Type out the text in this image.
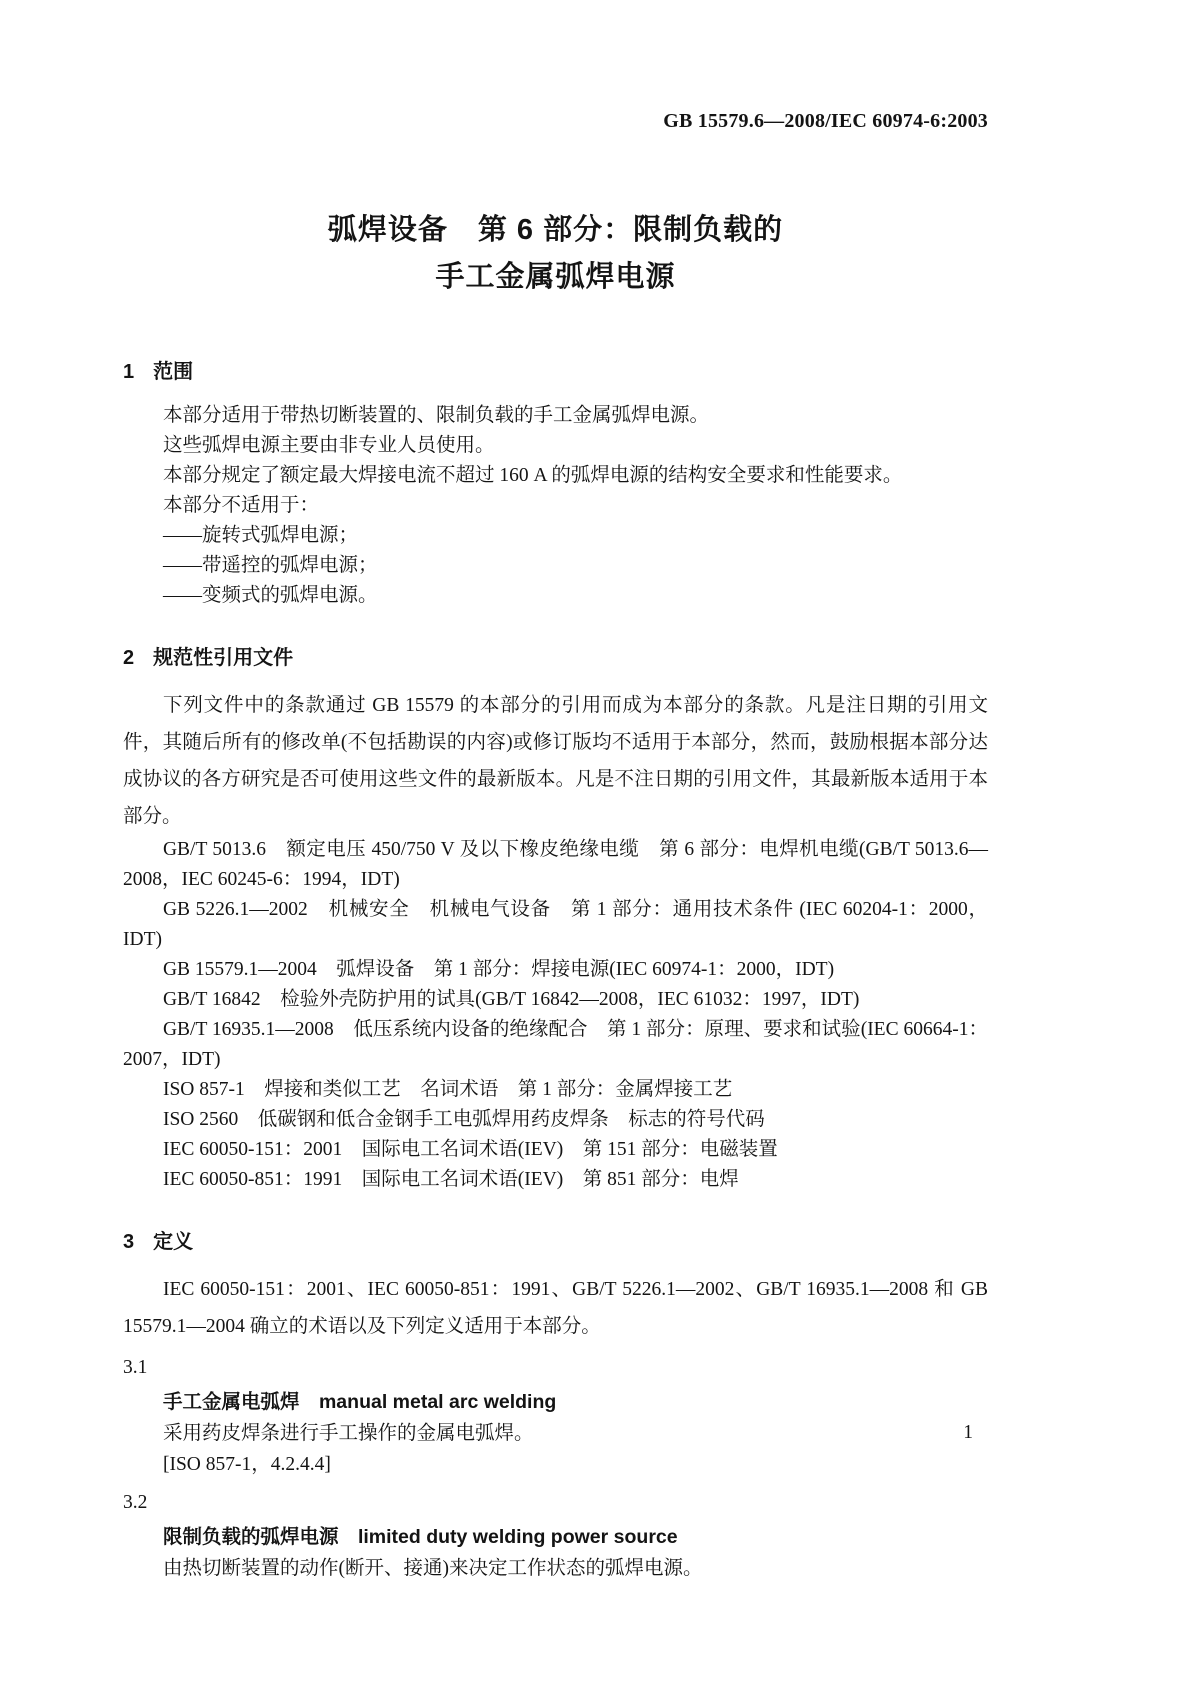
GB 15579.6—2008/IEC 60974-6:2003
弧焊设备　第 6 部分：限制负载的
手工金属弧焊电源
1 范围

本部分适用于带热切断装置的、限制负载的手工金属弧焊电源。

这些弧焊电源主要由非专业人员使用。

本部分规定了额定最大焊接电流不超过 160 A 的弧焊电源的结构安全要求和性能要求。

本部分不适用于：

——旋转式弧焊电源；

——带遥控的弧焊电源；

——变频式的弧焊电源。

2 规范性引用文件

下列文件中的条款通过 GB 15579 的本部分的引用而成为本部分的条款。凡是注日期的引用文件，其随后所有的修改单(不包括勘误的内容)或修订版均不适用于本部分，然而，鼓励根据本部分达成协议的各方研究是否可使用这些文件的最新版本。凡是不注日期的引用文件，其最新版本适用于本部分。

GB/T 5013.6　额定电压 450/750 V 及以下橡皮绝缘电缆　第 6 部分：电焊机电缆(GB/T 5013.6—2008，IEC 60245-6：1994，IDT)

GB 5226.1—2002　机械安全　机械电气设备　第 1 部分：通用技术条件 (IEC 60204-1：2000，IDT)

GB 15579.1—2004　弧焊设备　第 1 部分：焊接电源(IEC 60974-1：2000，IDT)

GB/T 16842　检验外壳防护用的试具(GB/T 16842—2008，IEC 61032：1997，IDT)

GB/T 16935.1—2008　低压系统内设备的绝缘配合　第 1 部分：原理、要求和试验(IEC 60664-1：2007，IDT)

ISO 857-1　焊接和类似工艺　名词术语　第 1 部分：金属焊接工艺

ISO 2560　低碳钢和低合金钢手工电弧焊用药皮焊条　标志的符号代码

IEC 60050-151：2001　国际电工名词术语(IEV)　第 151 部分：电磁装置

IEC 60050-851：1991　国际电工名词术语(IEV)　第 851 部分：电焊

3 定义

IEC 60050-151：2001、IEC 60050-851：1991、GB/T 5226.1—2002、GB/T 16935.1—2008 和 GB 15579.1—2004 确立的术语以及下列定义适用于本部分。

3.1

手工金属电弧焊　manual metal arc welding

采用药皮焊条进行手工操作的金属电弧焊。

[ISO 857-1，4.2.4.4]

3.2

限制负载的弧焊电源　limited duty welding power source

由热切断装置的动作(断开、接通)来决定工作状态的弧焊电源。

1
